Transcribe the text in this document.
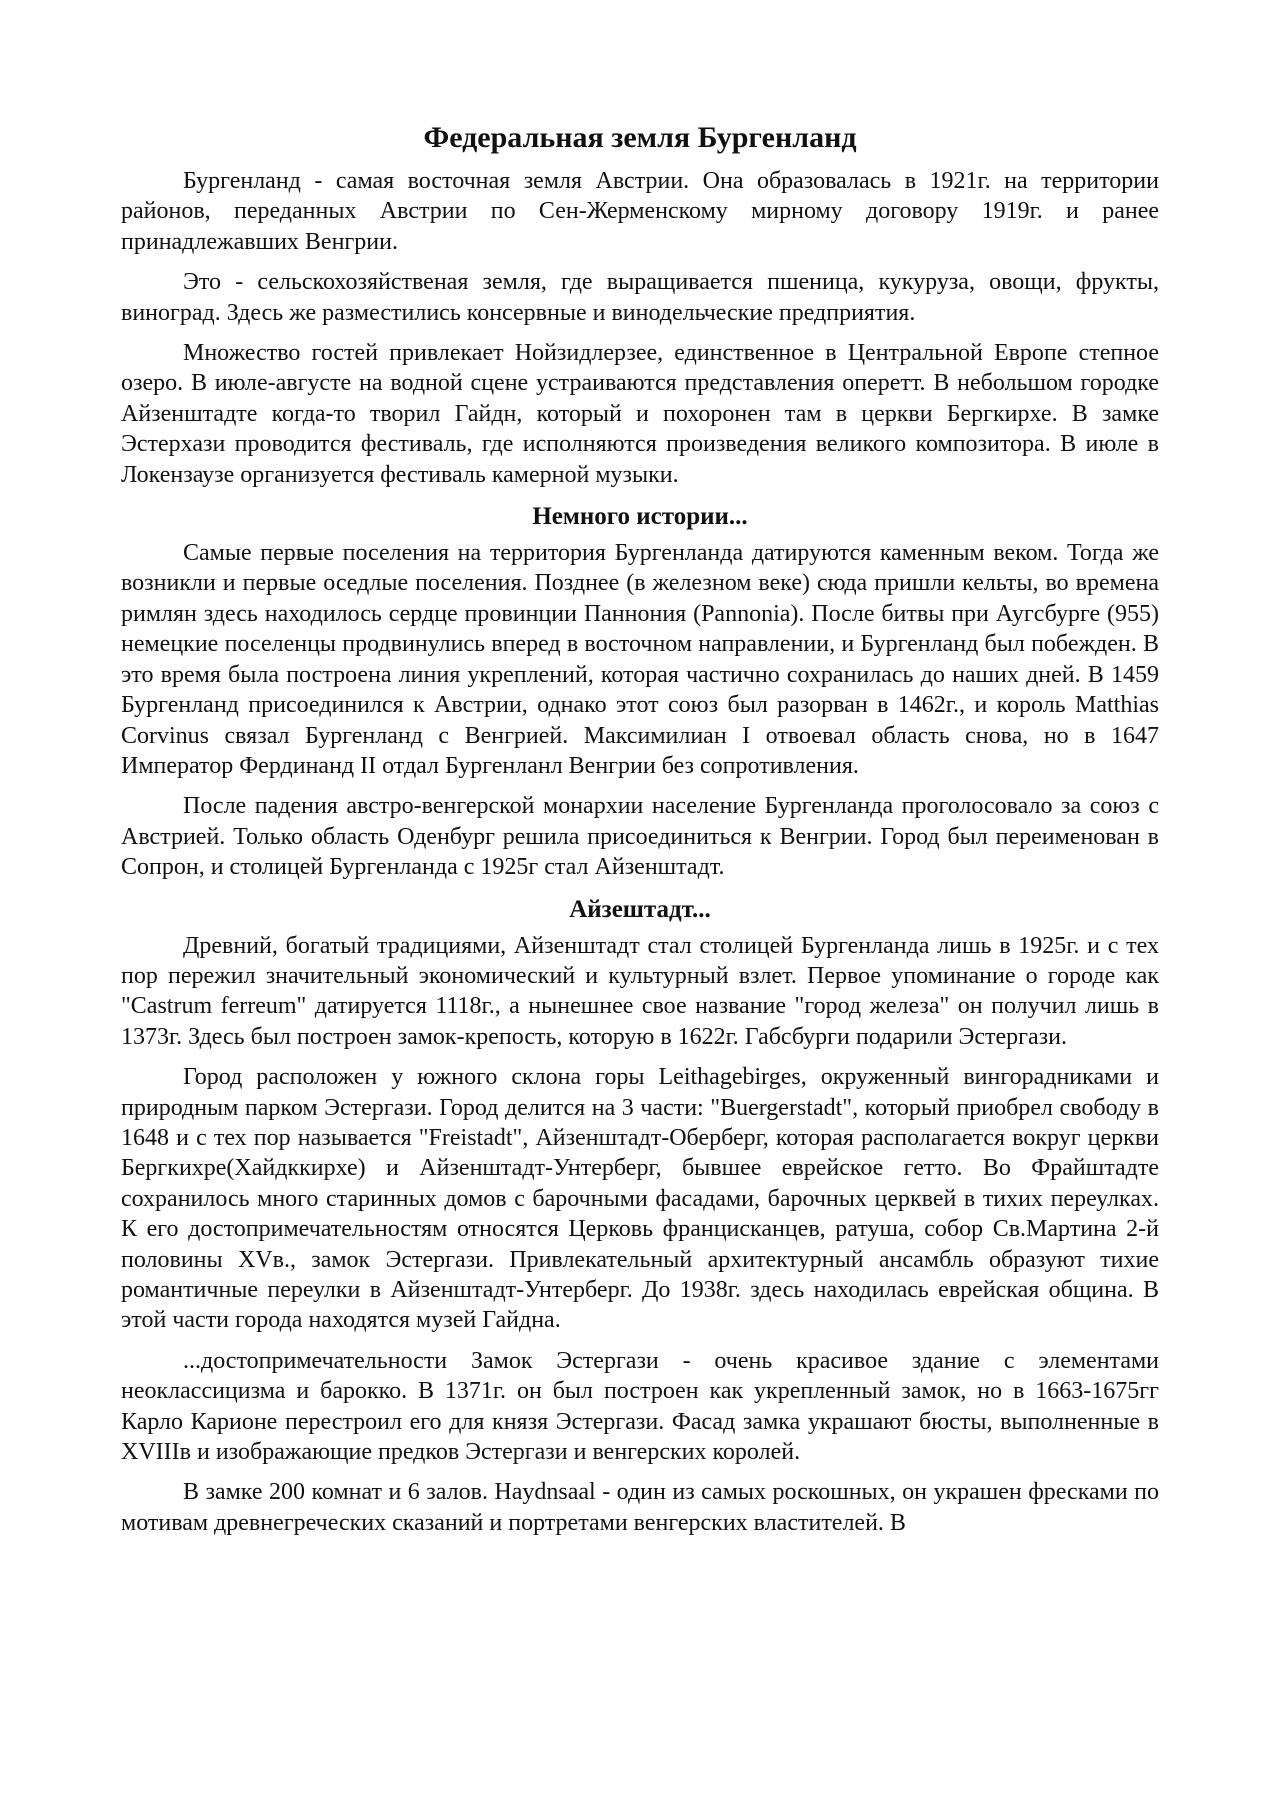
Федеральная земля Бургенланд

Бургенланд - самая восточная земля Австрии. Она образовалась в 1921г. на территории районов, переданных Австрии по Сен-Жерменскому мирному договору 1919г. и ранее принадлежавших Венгрии.

Это - сельскохозяйственая земля, где выращивается пшеница, кукуруза, овощи, фрукты, виноград. Здесь же разместились консервные и винодельческие предприятия.

Множество гостей привлекает Нойзидлерзее, единственное в Центральной Европе степное озеро. В июле-августе на водной сцене устраиваются представления оперетт. В небольшом городке Айзенштадте когда-то творил Гайдн, который и похоронен там в церкви Бергкирхе. В замке Эстерхази проводится фестиваль, где исполняются произведения великого композитора. В июле в Локензаузе организуется фестиваль камерной музыки.

Немного истории...

Самые первые поселения на территория Бургенланда датируются каменным веком. Тогда же возникли и первые оседлые поселения. Позднее (в железном веке) сюда пришли кельты, во времена римлян здесь находилось сердце провинции Паннония (Pannonia). После битвы при Аугсбурге (955) немецкие поселенцы продвинулись вперед в восточном направлении, и Бургенланд был побежден. В это время была построена линия укреплений, которая частично сохранилась до наших дней. В 1459 Бургенланд присоединился к Австрии, однако этот союз был разорван в 1462г., и король Matthias Corvinus связал Бургенланд с Венгрией. Максимилиан I отвоевал область снова, но в 1647 Император Фердинанд II отдал Бургенланл Венгрии без сопротивления.

После падения австро-венгерской монархии население Бургенланда проголосовало за союз с Австрией. Только область Оденбург решила присоединиться к Венгрии. Город был переименован в Сопрон, и столицей Бургенланда с 1925г стал Айзенштадт.

Айзештадт...

Древний, богатый традициями, Айзенштадт стал столицей Бургенланда лишь в 1925г. и с тех пор пережил значительный экономический и культурный взлет. Первое упоминание о городе как "Castrum ferreum" датируется 1118г., а нынешнее свое название "город железа" он получил лишь в 1373г. Здесь был построен замок-крепость, которую в 1622г. Габсбурги подарили Эстергази.

Город расположен у южного склона горы Leithagebirges, окруженный вингорадниками и природным парком Эстергази. Город делится на 3 части: "Buergerstadt", который приобрел свободу в 1648 и с тех пор называется "Freistadt", Айзенштадт-Оберберг, которая располагается вокруг церкви Бергкихре(Хайдккирхе) и Айзенштадт-Унтерберг, бывшее еврейское гетто. Во Фрайштадте сохранилось много старинных домов с барочными фасадами, барочных церквей в тихих переулках. К его достопримечательностям относятся Церковь францисканцев, ратуша, собор Св.Мартина 2-й половины XVв., замок Эстергази. Привлекательный архитектурный ансамбль образуют тихие романтичные переулки в Айзенштадт-Унтерберг. До 1938г. здесь находилась еврейская община. В этой части города находятся музей Гайдна.

...достопримечательности Замок Эстергази - очень красивое здание с элементами неоклассицизма и барокко. В 1371г. он был построен как укрепленный замок, но в 1663-1675гг Карло Карионе перестроил его для князя Эстергази. Фасад замка украшают бюсты, выполненные в XVIIIв и изображающие предков Эстергази и венгерских королей.

В замке 200 комнат и 6 залов. Haydnsaal - один из самых роскошных, он украшен фресками по мотивам древнегреческих сказаний и портретами венгерских властителей. В
